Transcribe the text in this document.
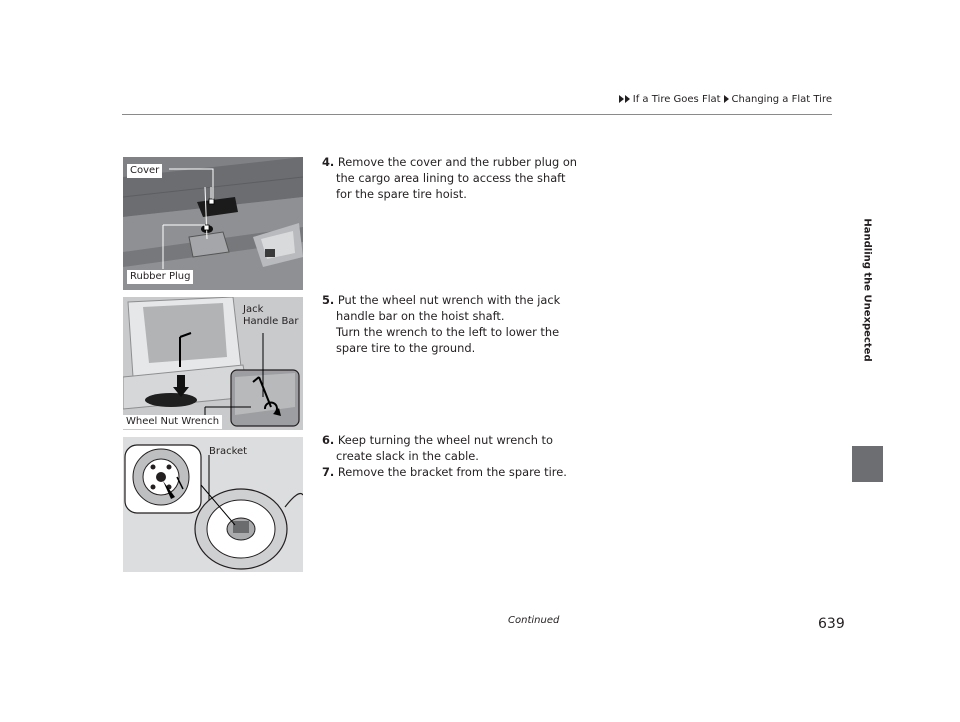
If a Tire Goes Flat Changing a Flat Tire
Handling the Unexpected
Cover
Rubber Plug
Jack
Handle Bar
Wheel Nut Wrench
Bracket
4. Remove the cover and the rubber plug on
the cargo area lining to access the shaft
for the spare tire hoist.
5. Put the wheel nut wrench with the jack
handle bar on the hoist shaft.
Turn the wrench to the left to lower the
spare tire to the ground.
6. Keep turning the wheel nut wrench to
create slack in the cable.
7. Remove the bracket from the spare tire.
Continued	639
